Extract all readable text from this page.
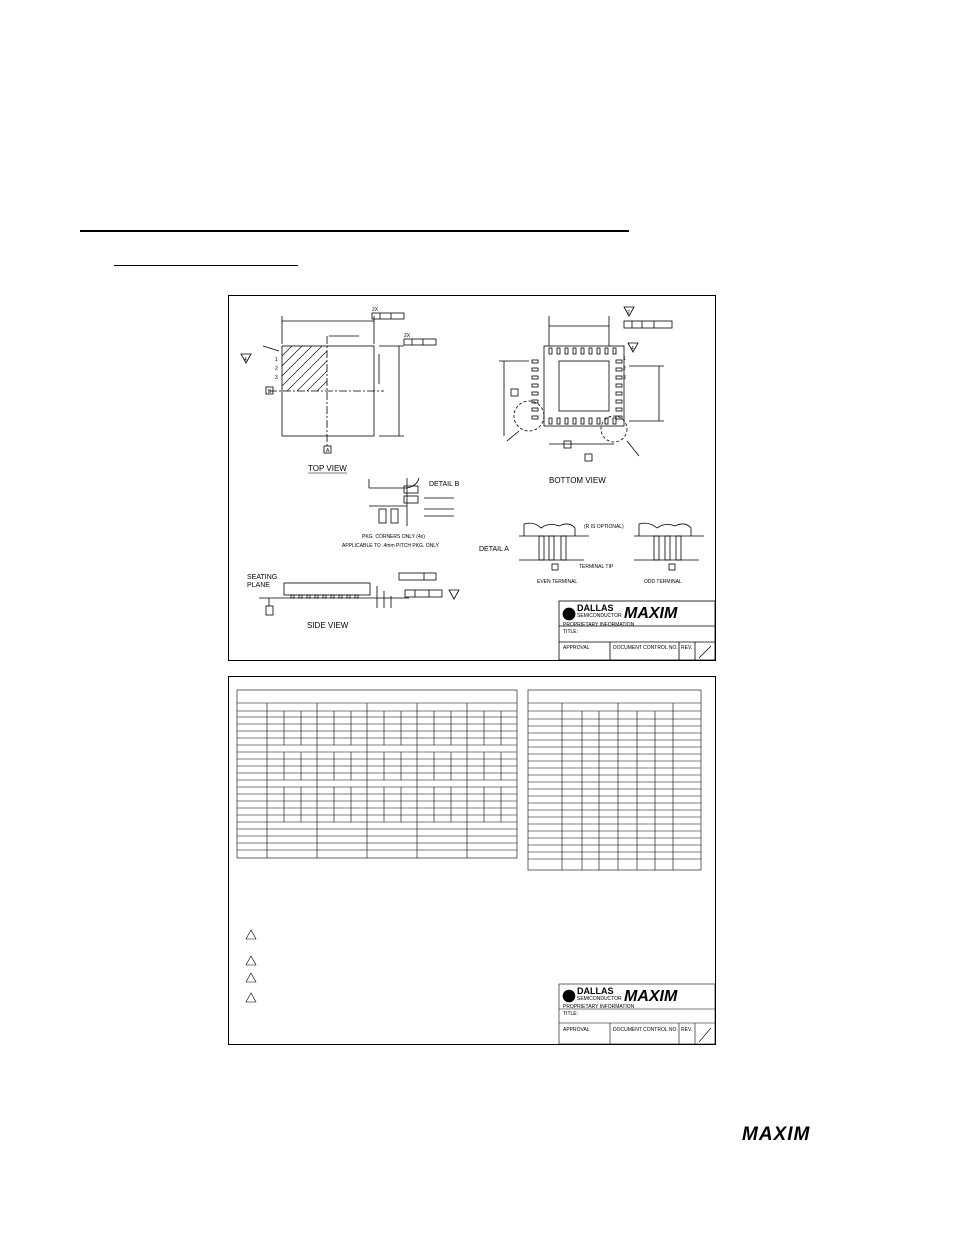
TOP VIEW
BOTTOM VIEW
SIDE VIEW
DETAIL A
DETAIL B
SEATING
PLANE
PKG. CORNERS ONLY (4x)
APPLICABLE TO .4mm PITCH PKG. ONLY
(R IS OPTIONAL)
TERMINAL TIP
EVEN TERMINAL	ODD TERMINAL
B
A
4
4
2
2X
2X
1
2
3
1
2
3
DALLAS
SEMICONDUCTOR MAXIM
PROPRIETARY INFORMATION
TITLE:
APPROVAL	DOCUMENT CONTROL NO. REV.
DALLAS
SEMICONDUCTOR MAXIM
PROPRIETARY INFORMATION
TITLE:
APPROVAL	DOCUMENT CONTROL NO. REV.
MAXIM
